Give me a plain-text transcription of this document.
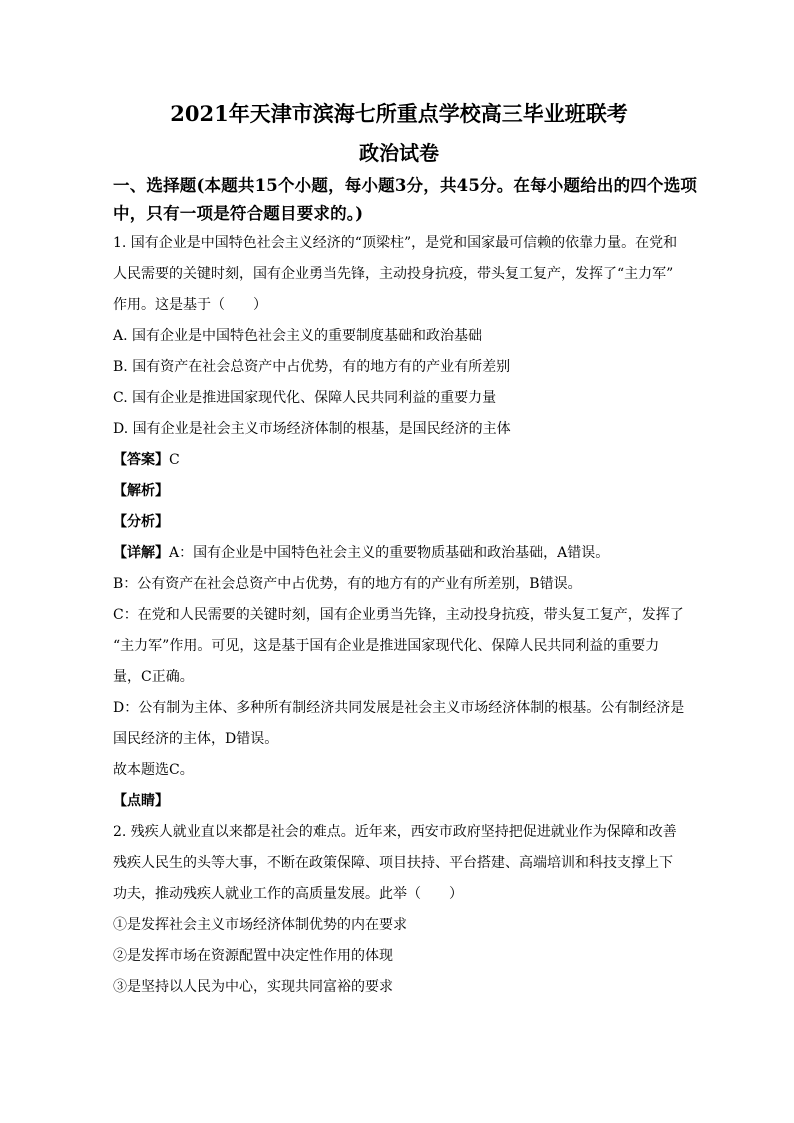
2021年天津市滨海七所重点学校高三毕业班联考
政治试卷
一、选择题(本题共15个小题，每小题3分，共45分。在每小题给出的四个选项
中，只有一项是符合题目要求的。)
1. 国有企业是中国特色社会主义经济的“顶梁柱”，是党和国家最可信赖的依靠力量。在党和
人民需要的关键时刻，国有企业勇当先锋，主动投身抗疫，带头复工复产，发挥了“主力军”
作用。这是基于（　　）
A. 国有企业是中国特色社会主义的重要制度基础和政治基础
B. 国有资产在社会总资产中占优势，有的地方有的产业有所差别
C. 国有企业是推进国家现代化、保障人民共同利益的重要力量
D. 国有企业是社会主义市场经济体制的根基，是国民经济的主体
【答案】C
【解析】
【分析】
【详解】A：国有企业是中国特色社会主义的重要物质基础和政治基础，A错误。
B：公有资产在社会总资产中占优势，有的地方有的产业有所差别，B错误。
C：在党和人民需要的关键时刻，国有企业勇当先锋，主动投身抗疫，带头复工复产，发挥了
“主力军”作用。可见，这是基于国有企业是推进国家现代化、保障人民共同利益的重要力
量，C正确。
D：公有制为主体、多种所有制经济共同发展是社会主义市场经济体制的根基。公有制经济是
国民经济的主体，D错误。
故本题选C。
【点睛】
2. 残疾人就业直以来都是社会的难点。近年来，西安市政府坚持把促进就业作为保障和改善
残疾人民生的头等大事，不断在政策保障、项目扶持、平台搭建、高端培训和科技支撑上下
功夫，推动残疾人就业工作的高质量发展。此举（　　）
①是发挥社会主义市场经济体制优势的内在要求
②是发挥市场在资源配置中决定性作用的体现
③是坚持以人民为中心，实现共同富裕的要求
